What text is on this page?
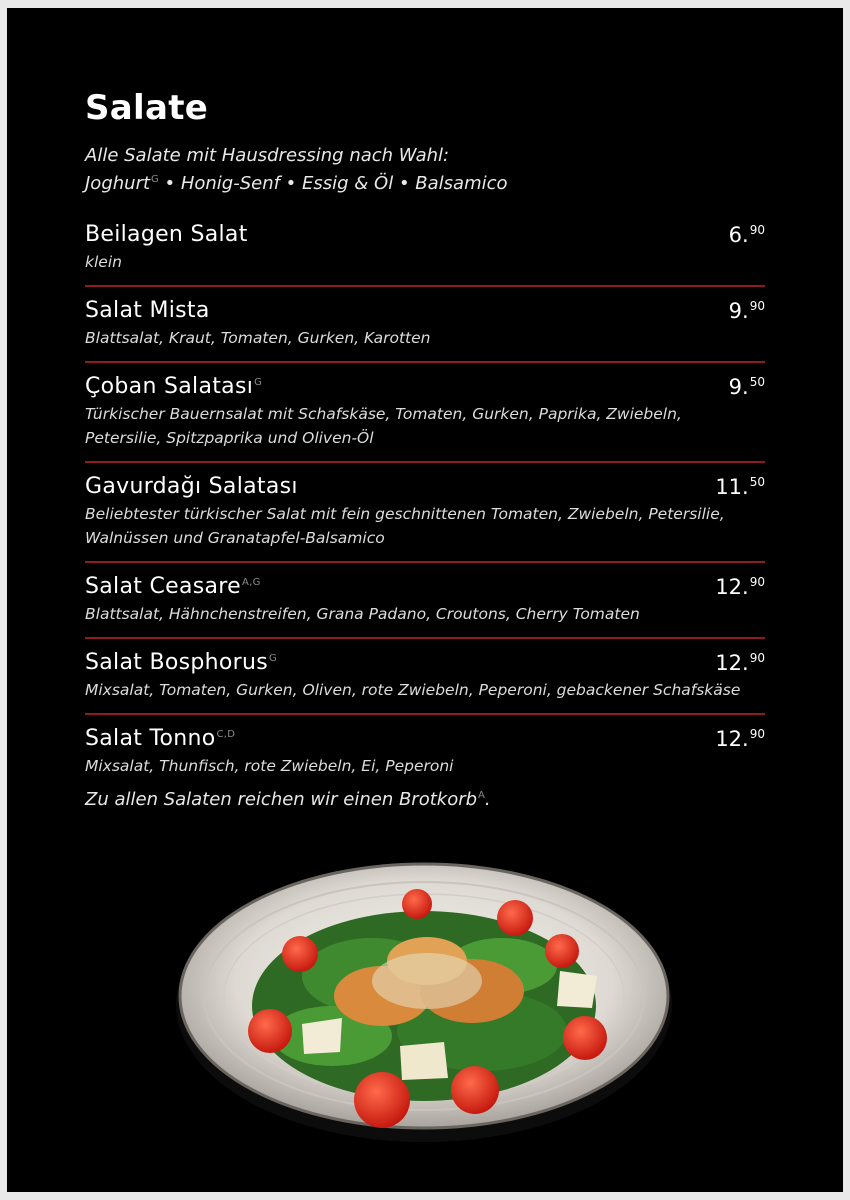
Salate
Alle Salate mit Hausdressing nach Wahl:
Joghurt$^G$ • Honig-Senf • Essig & Öl • Balsamico
Beilagen Salat	6.90
klein
Salat Mista	9.90
Blattsalat, Kraut, Tomaten, Gurken, Karotten
Çoban Salatası$^G$	9.50
Türkischer Bauernsalat mit Schafskäse, Tomaten, Gurken, Paprika, Zwiebeln, Petersilie, Spitzpaprika und Oliven-Öl
Gavurdağı Salatası	11.50
Beliebtester türkischer Salat mit fein geschnittenen Tomaten, Zwiebeln, Petersilie, Walnüssen und Granatapfel-Balsamico
Salat Ceasare$^{A,G}$	12.90
Blattsalat, Hähnchenstreifen, Grana Padano, Croutons, Cherry Tomaten
Salat Bosphorus$^G$	12.90
Mixsalat, Tomaten, Gurken, Oliven, rote Zwiebeln, Peperoni, gebackener Schafskäse
Salat Tonno$^{C,D}$	12.90
Mixsalat, Thunfisch, rote Zwiebeln, Ei, Peperoni
Zu allen Salaten reichen wir einen Brotkorb$^A$.
